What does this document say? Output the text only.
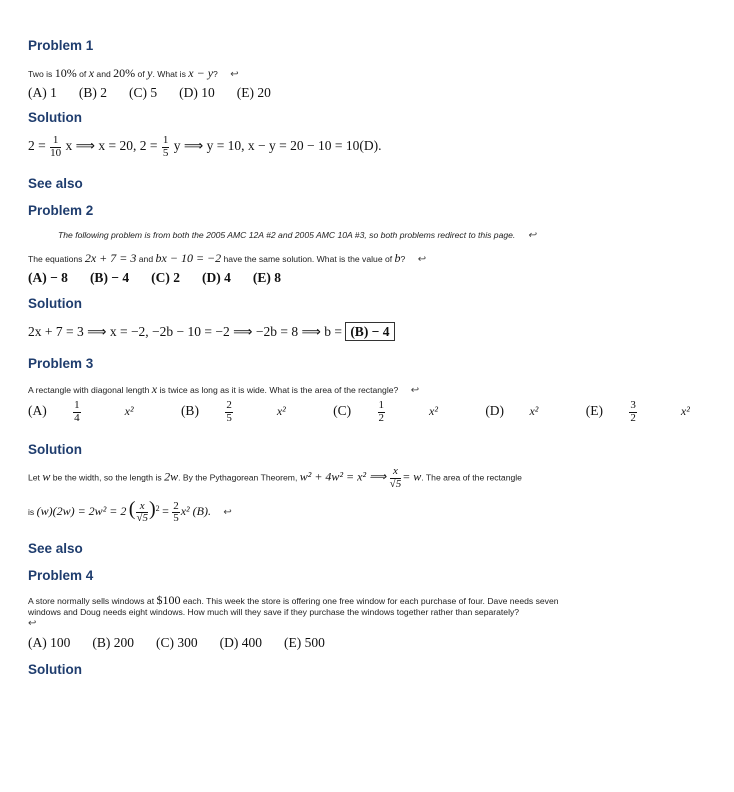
Problem 1
Two is 10% of x and 20% of y. What is x − y? ↩
(A) 1 (B) 2 (C) 5 (D) 10 (E) 20
Solution
$2 = \frac{1}{10}$ x ⟹ x = 20, $2 = \frac{1}{5}$ y ⟹ y = 10, x − y = 20 − 10 = 10(D).
See also
Problem 2
The following problem is from both the 2005 AMC 12A #2 and 2005 AMC 10A #3, so both problems redirect to this page. ↩
The equations 2x + 7 = 3 and bx − 10 = −2 have the same solution. What is the value of b? ↩
(A) − 8 (B) − 4 (C) 2 (D) 4 (E) 8
Solution
2x + 7 = 3 ⟹ x = −2, −2b − 10 = −2 ⟹ −2b = 8 ⟹ b = (B) − 4
Problem 3
A rectangle with diagonal length x is twice as long as it is wide. What is the area of the rectangle? ↩
$(A) \frac{1}{4} x^2$	$(B) \frac{2}{5} x^2$	$(C) \frac{1}{2} x^2$	(D) x²	$(E) \frac{3}{2} x^2$
Solution
Let w be the width, so the length is 2w. By the Pythagorean Theorem, w² + 4w² = x² ⟹ $\frac{x}{√5} = w$. The area of the rectangle
is (w)(2w) = 2w² = 2 ( $\frac{x}{√5} )2 = \frac{2}{5} x^2$ (B). ↩
See also
Problem 4
A store normally sells windows at $100 each. This week the store is offering one free window for each purchase of four. Dave needs seven windows and Doug needs eight windows. How much will they save if they purchase the windows together rather than separately?
↩
(A) 100 (B) 200 (C) 300 (D) 400 (E) 500
Solution
